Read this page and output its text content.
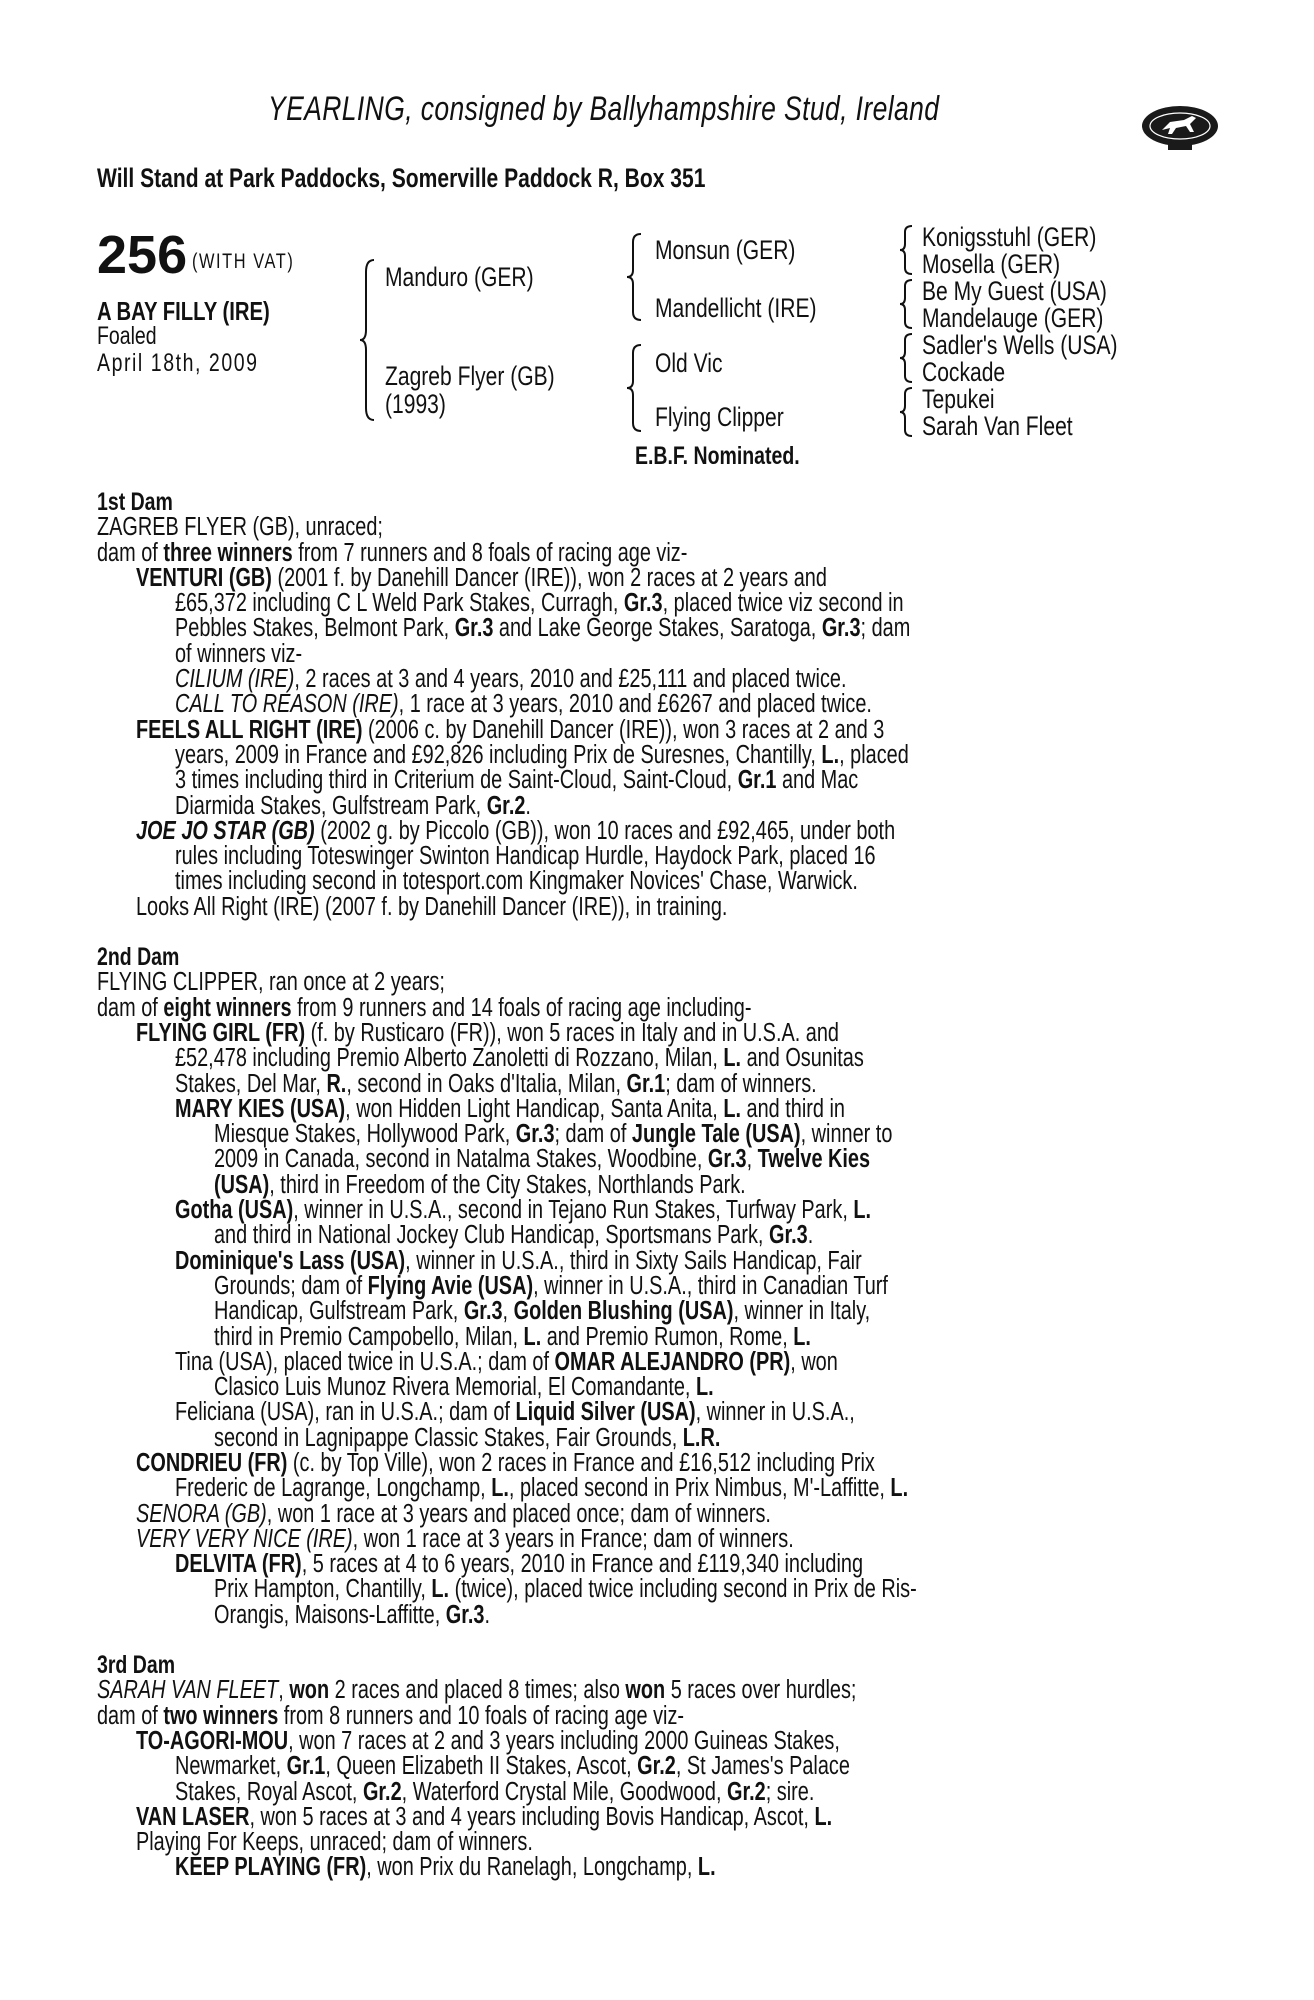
YEARLING, consigned by Ballyhampshire Stud, Ireland
Will Stand at Park Paddocks, Somerville Paddock R, Box 351
256 (WITH VAT)
A BAY FILLY (IRE)
Foaled
April 18th, 2009
Manduro (GER)
Zagreb Flyer (GB)
(1993)
Monsun (GER)
Mandellicht (IRE)
Old Vic
Flying Clipper
Konigsstuhl (GER)
Mosella (GER)
Be My Guest (USA)
Mandelauge (GER)
Sadler's Wells (USA)
Cockade
Tepukei
Sarah Van Fleet
E.B.F. Nominated.
1st Dam
ZAGREB FLYER (GB), unraced;
dam of three winners from 7 runners and 8 foals of racing age viz-
VENTURI (GB) (2001 f. by Danehill Dancer (IRE)), won 2 races at 2 years and
£65,372 including C L Weld Park Stakes, Curragh, Gr.3, placed twice viz second in
Pebbles Stakes, Belmont Park, Gr.3 and Lake George Stakes, Saratoga, Gr.3; dam
of winners viz-
CILIUM (IRE), 2 races at 3 and 4 years, 2010 and £25,111 and placed twice.
CALL TO REASON (IRE), 1 race at 3 years, 2010 and £6267 and placed twice.
FEELS ALL RIGHT (IRE) (2006 c. by Danehill Dancer (IRE)), won 3 races at 2 and 3
years, 2009 in France and £92,826 including Prix de Suresnes, Chantilly, L., placed
3 times including third in Criterium de Saint-Cloud, Saint-Cloud, Gr.1 and Mac
Diarmida Stakes, Gulfstream Park, Gr.2.
JOE JO STAR (GB) (2002 g. by Piccolo (GB)), won 10 races and £92,465, under both
rules including Toteswinger Swinton Handicap Hurdle, Haydock Park, placed 16
times including second in totesport.com Kingmaker Novices' Chase, Warwick.
Looks All Right (IRE) (2007 f. by Danehill Dancer (IRE)), in training.
2nd Dam
FLYING CLIPPER, ran once at 2 years;
dam of eight winners from 9 runners and 14 foals of racing age including-
FLYING GIRL (FR) (f. by Rusticaro (FR)), won 5 races in Italy and in U.S.A. and
£52,478 including Premio Alberto Zanoletti di Rozzano, Milan, L. and Osunitas
Stakes, Del Mar, R., second in Oaks d'Italia, Milan, Gr.1; dam of winners.
MARY KIES (USA), won Hidden Light Handicap, Santa Anita, L. and third in
Miesque Stakes, Hollywood Park, Gr.3; dam of Jungle Tale (USA), winner to
2009 in Canada, second in Natalma Stakes, Woodbine, Gr.3, Twelve Kies
(USA), third in Freedom of the City Stakes, Northlands Park.
Gotha (USA), winner in U.S.A., second in Tejano Run Stakes, Turfway Park, L.
and third in National Jockey Club Handicap, Sportsmans Park, Gr.3.
Dominique's Lass (USA), winner in U.S.A., third in Sixty Sails Handicap, Fair
Grounds; dam of Flying Avie (USA), winner in U.S.A., third in Canadian Turf
Handicap, Gulfstream Park, Gr.3, Golden Blushing (USA), winner in Italy,
third in Premio Campobello, Milan, L. and Premio Rumon, Rome, L.
Tina (USA), placed twice in U.S.A.; dam of OMAR ALEJANDRO (PR), won
Clasico Luis Munoz Rivera Memorial, El Comandante, L.
Feliciana (USA), ran in U.S.A.; dam of Liquid Silver (USA), winner in U.S.A.,
second in Lagnipappe Classic Stakes, Fair Grounds, L.R.
CONDRIEU (FR) (c. by Top Ville), won 2 races in France and £16,512 including Prix
Frederic de Lagrange, Longchamp, L., placed second in Prix Nimbus, M'-Laffitte, L.
SENORA (GB), won 1 race at 3 years and placed once; dam of winners.
VERY VERY NICE (IRE), won 1 race at 3 years in France; dam of winners.
DELVITA (FR), 5 races at 4 to 6 years, 2010 in France and £119,340 including
Prix Hampton, Chantilly, L. (twice), placed twice including second in Prix de Ris-
Orangis, Maisons-Laffitte, Gr.3.
3rd Dam
SARAH VAN FLEET, won 2 races and placed 8 times; also won 5 races over hurdles;
dam of two winners from 8 runners and 10 foals of racing age viz-
TO-AGORI-MOU, won 7 races at 2 and 3 years including 2000 Guineas Stakes,
Newmarket, Gr.1, Queen Elizabeth II Stakes, Ascot, Gr.2, St James's Palace
Stakes, Royal Ascot, Gr.2, Waterford Crystal Mile, Goodwood, Gr.2; sire.
VAN LASER, won 5 races at 3 and 4 years including Bovis Handicap, Ascot, L.
Playing For Keeps, unraced; dam of winners.
KEEP PLAYING (FR), won Prix du Ranelagh, Longchamp, L.
